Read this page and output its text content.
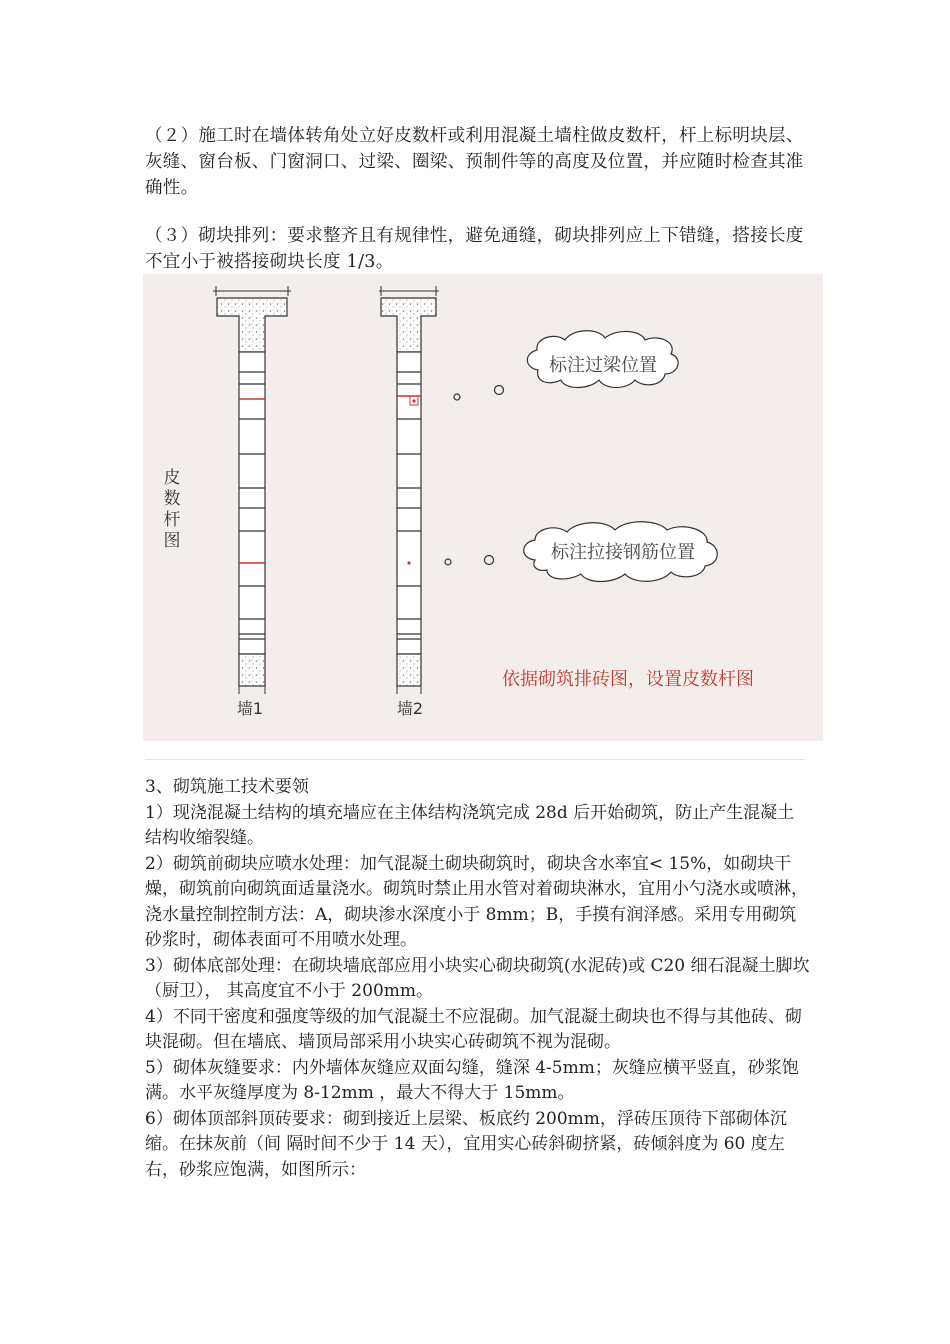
（２）施工时在墙体转角处立好皮数杆或利用混凝土墙柱做皮数杆，杆上标明块层、灰缝、窗台板、门窗洞口、过梁、圈梁、预制件等的高度及位置，并应随时检查其准确性。

（３）砌块排列：要求整齐且有规律性，避免通缝，砌块排列应上下错缝，搭接长度不宜小于被搭接砌块长度 1/3。

皮
数
杆
图
墙1	墙2
标注过梁位置
标注拉接钢筋位置
依据砌筑排砖图，设置皮数杆图

3、砌筑施工技术要领

1）现浇混凝土结构的填充墙应在主体结构浇筑完成 28d 后开始砌筑，防止产生混凝土结构收缩裂缝。

2）砌筑前砌块应喷水处理：加气混凝土砌块砌筑时，砌块含水率宜< 15%，如砌块干燥，砌筑前向砌筑面适量浇水。砌筑时禁止用水管对着砌块淋水，宜用小勺浇水或喷淋，浇水量控制控制方法：A，砌块渗水深度小于 8mm；B，手摸有润泽感。采用专用砌筑砂浆时，砌体表面可不用喷水处理。

3）砌体底部处理：在砌块墙底部应用小块实心砌块砌筑(水泥砖)或 C20 细石混凝土脚坎（厨卫）， 其高度宜不小于 200mm。

4）不同干密度和强度等级的加气混凝土不应混砌。加气混凝土砌块也不得与其他砖、砌 块混砌。但在墙底、墙顶局部采用小块实心砖砌筑不视为混砌。

5）砌体灰缝要求：内外墙体灰缝应双面勾缝，缝深 4-5mm；灰缝应横平竖直，砂浆饱满。水平灰缝厚度为 8-12mm ，最大不得大于 15mm。

6）砌体顶部斜顶砖要求：砌到接近上层梁、板底约 200mm，浮砖压顶待下部砌体沉缩。在抹灰前（间 隔时间不少于 14 天），宜用实心砖斜砌挤紧，砖倾斜度为 60 度左右，砂浆应饱满，如图所示：
